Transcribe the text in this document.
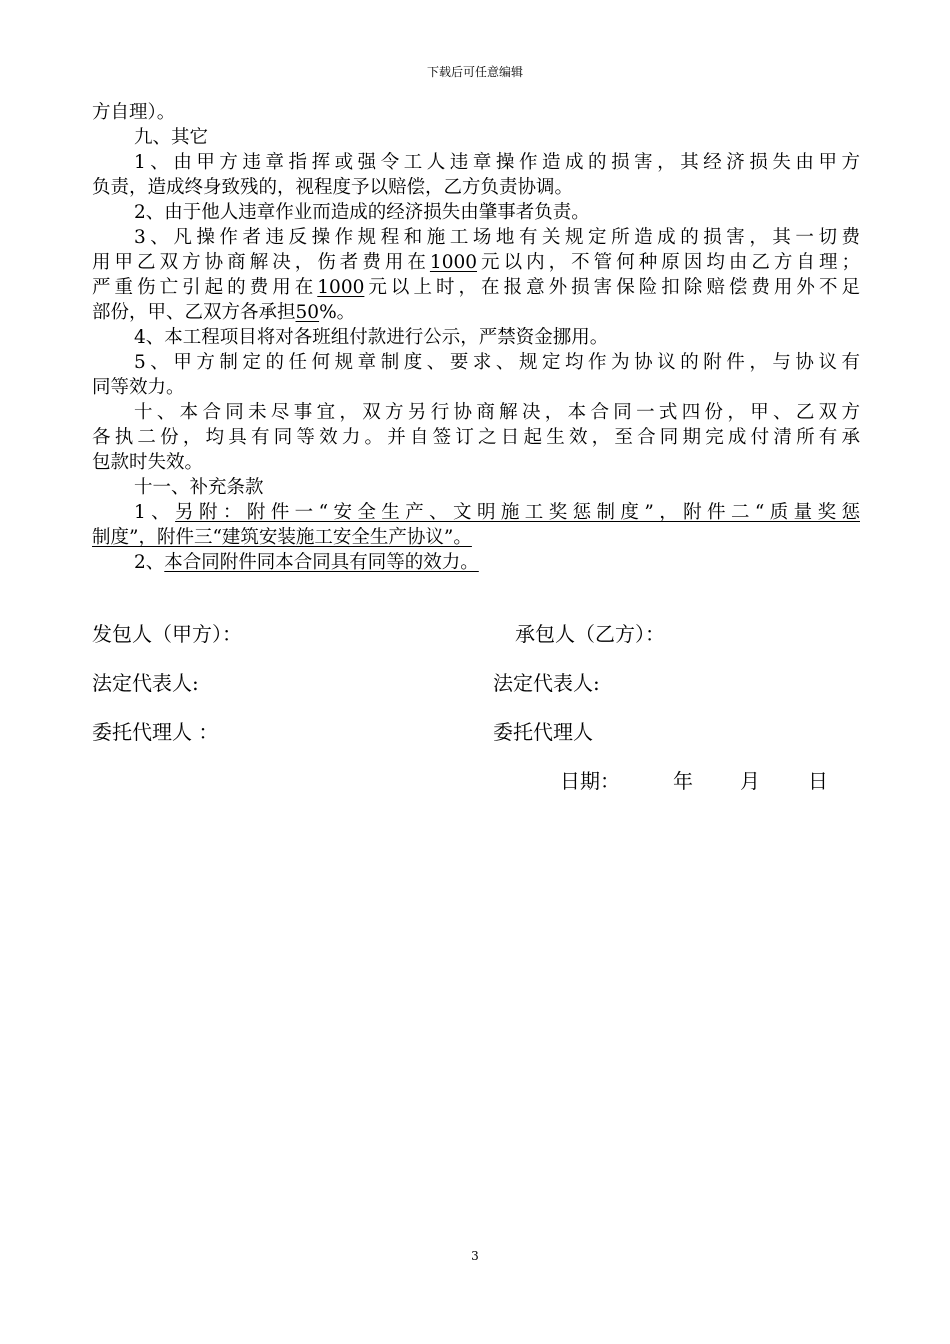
下载后可任意编辑
方自理）。
九、其它
1、由甲方违章指挥或强令工人违章操作造成的损害，其经济损失由甲方
负责，造成终身致残的，视程度予以赔偿，乙方负责协调。
2、由于他人违章作业而造成的经济损失由肇事者负责。
3、凡操作者违反操作规程和施工场地有关规定所造成的损害，其一切费
用甲乙双方协商解决，伤者费用在1000元以内，不管何种原因均由乙方自理；
严重伤亡引起的费用在1000元以上时，在报意外损害保险扣除赔偿费用外不足
部份，甲、乙双方各承担50%。
4、本工程项目将对各班组付款进行公示，严禁资金挪用。
5、甲方制定的任何规章制度、要求、规定均作为协议的附件，与协议有
同等效力。
十、本合同未尽事宜，双方另行协商解决，本合同一式四份，甲、乙双方
各执二份，均具有同等效力。并自签订之日起生效，至合同期完成付清所有承
包款时失效。
十一、补充条款
1、另附：附件一“安全生产、文明施工奖惩制度”，附件二“质量奖惩
制度”，附件三“建筑安装施工安全生产协议”。
2、本合同附件同本合同具有同等的效力。
发包人（甲方）：	承包人（乙方）：
法定代表人:	法定代表人:
委托代理人 ：	委托代理人
日期：	年 月 日
3
